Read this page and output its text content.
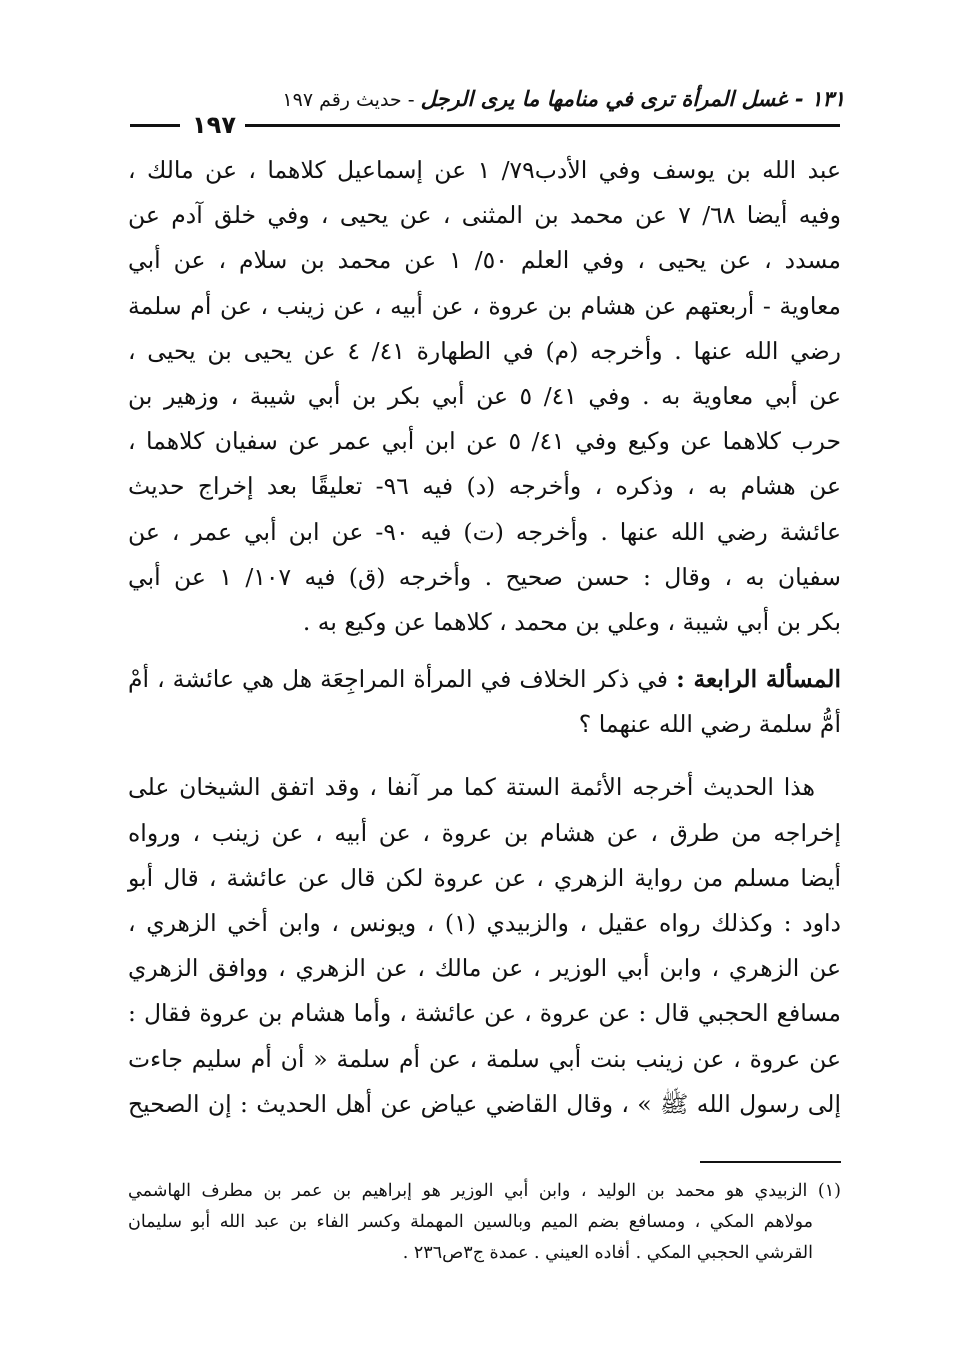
١٣١ -غسل المرأة ترى في منامها ما يرى الرجل- حديث رقم ١٩٧
١٩٧
عبد الله بن يوسف وفي الأدب٧٩/ ١ عن إسماعيل كلاهما ، عن مالك ،
وفيه أيضا ٦٨/ ٧ عن محمد بن المثنى ، عن يحيى ، وفي خلق آدم عن
مسدد ، عن يحيى ، وفي العلم ٥٠/ ١ عن محمد بن سلام ، عن أبي
معاوية - أربعتهم عن هشام بن عروة ، عن أبيه ، عن زينب ، عن أم سلمة
رضي الله عنها . وأخرجه (م) في الطهارة ٤١/ ٤ عن يحيى بن يحيى ،
عن أبي معاوية به . وفي ٤١/ ٥ عن أبي بكر بن أبي شيبة ، وزهير بن
حرب كلاهما عن وكيع وفي ٤١/ ٥ عن ابن أبي عمر عن سفيان كلاهما ،
عن هشام به ، وذكره ، وأخرجه (د) فيه ٩٦- تعليقًا بعد إخراج حديث
عائشة رضي الله عنها . وأخرجه (ت) فيه ٩٠- عن ابن أبي عمر ، عن
سفيان به ، وقال : حسن صحيح . وأخرجه (ق) فيه ١٠٧/ ١ عن أبي
بكر بن أبي شيبة ، وعلي بن محمد ، كلاهما عن وكيع به .
المسألة الرابعة : في ذكر الخلاف في المرأة المراجِعَة هل هي عائشة ، أمْ
أمُّ سلمة رضي الله عنهما ؟
هذا الحديث أخرجه الأئمة الستة كما مر آنفا ، وقد اتفق الشيخان على
إخراجه من طرق ، عن هشام بن عروة ، عن أبيه ، عن زينب ، ورواه
أيضا مسلم من رواية الزهري ، عن عروة لكن قال عن عائشة ، قال أبو
داود : وكذلك رواه عقيل ، والزبيدي (١) ، ويونس ، وابن أخي الزهري ،
عن الزهري ، وابن أبي الوزير ، عن مالك ، عن الزهري ، ووافق الزهري
مسافع الحجبي قال : عن عروة ، عن عائشة ، وأما هشام بن عروة فقال :
عن عروة ، عن زينب بنت أبي سلمة ، عن أم سلمة « أن أم سليم جاءت
إلى رسول الله ﷺ » ، وقال القاضي عياض عن أهل الحديث : إن الصحيح
(١) الزبيدي هو محمد بن الوليد ، وابن أبي الوزير هو إبراهيم بن عمر بن مطرف الهاشمي
مولاهم المكي ، ومسافع بضم الميم وبالسين المهملة وكسر الفاء بن عبد الله أبو سليمان
القرشي الحجبي المكي . أفاده العيني . عمدة ج٣ص٢٣٦ .
